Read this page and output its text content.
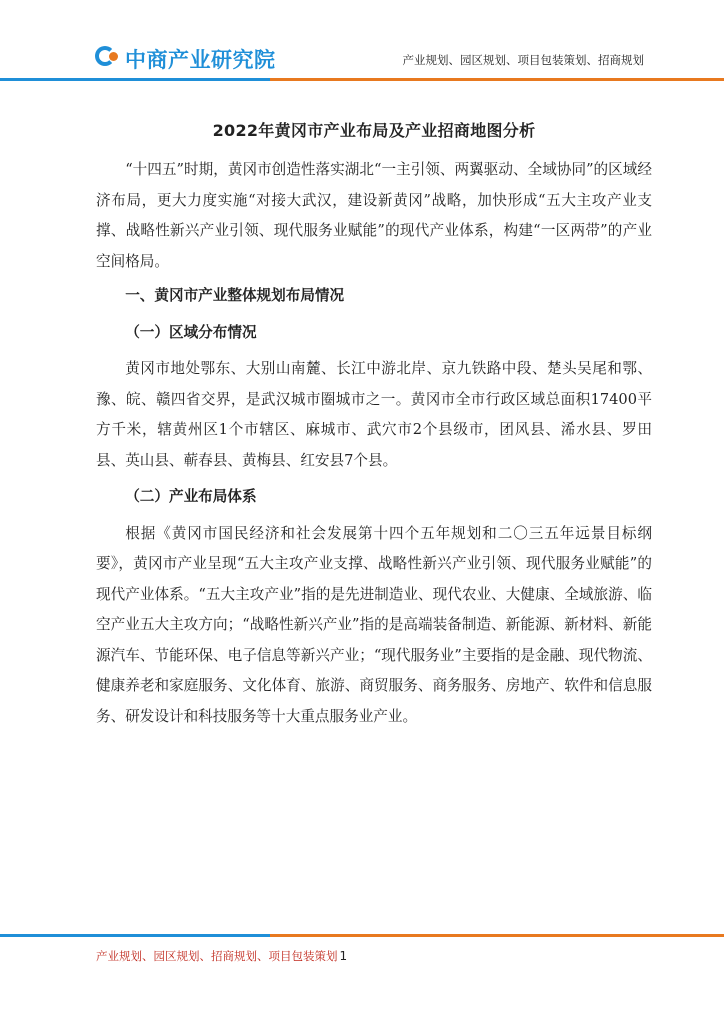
中商产业研究院	产业规划、园区规划、项目包装策划、招商规划
2022年黄冈市产业布局及产业招商地图分析

“十四五”时期，黄冈市创造性落实湖北“一主引领、两翼驱动、全域协同”的区域经济布局，更大力度实施“对接大武汉，建设新黄冈”战略，加快形成“五大主攻产业支撑、战略性新兴产业引领、现代服务业赋能”的现代产业体系，构建“一区两带”的产业空间格局。

一、黄冈市产业整体规划布局情况
（一）区域分布情况

黄冈市地处鄂东、大别山南麓、长江中游北岸、京九铁路中段、楚头吴尾和鄂、豫、皖、赣四省交界，是武汉城市圈城市之一。黄冈市全市行政区域总面积17400平方千米，辖黄州区1个市辖区、麻城市、武穴市2个县级市，团风县、浠水县、罗田县、英山县、蕲春县、黄梅县、红安县7个县。

（二）产业布局体系

根据《黄冈市国民经济和社会发展第十四个五年规划和二〇三五年远景目标纲要》，黄冈市产业呈现“五大主攻产业支撑、战略性新兴产业引领、现代服务业赋能”的现代产业体系。“五大主攻产业”指的是先进制造业、现代农业、大健康、全域旅游、临空产业五大主攻方向；“战略性新兴产业”指的是高端装备制造、新能源、新材料、新能源汽车、节能环保、电子信息等新兴产业；“现代服务业”主要指的是金融、现代物流、健康养老和家庭服务、文化体育、旅游、商贸服务、商务服务、房地产、软件和信息服务、研发设计和科技服务等十大重点服务业产业。

产业规划、园区规划、招商规划、项目包装策划 1
